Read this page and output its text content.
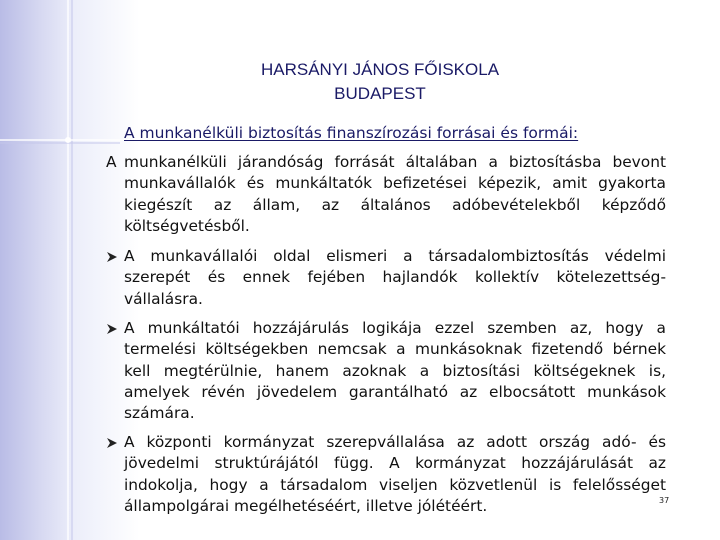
HARSÁNYI JÁNOS FŐISKOLA
BUDAPEST
A munkanélküli biztosítás finanszírozási forrásai és formái:
A munkanélküli járandóság forrását általában a biztosításba bevont munkavállalók és munkáltatók befizetései képezik, amit gyakorta kiegészít az állam, az általános adóbevételekből képződő költségvetésből.
A munkavállalói oldal elismeri a társadalombiztosítás védelmi szerepét és ennek fejében hajlandók kollektív kötelezettség-vállalásra.
A munkáltatói hozzájárulás logikája ezzel szemben az, hogy a termelési költségekben nemcsak a munkásoknak fizetendő bérnek kell megtérülnie, hanem azoknak a biztosítási költségeknek is, amelyek révén jövedelem garantálható az elbocsátott munkások számára.
A központi kormányzat szerepvállalása az adott ország adó- és jövedelmi struktúrájától függ. A kormányzat hozzájárulását az indokolja, hogy a társadalom viseljen közvetlenül is felelősséget állampolgárai megélhetéséért, illetve jólétéért.	37
